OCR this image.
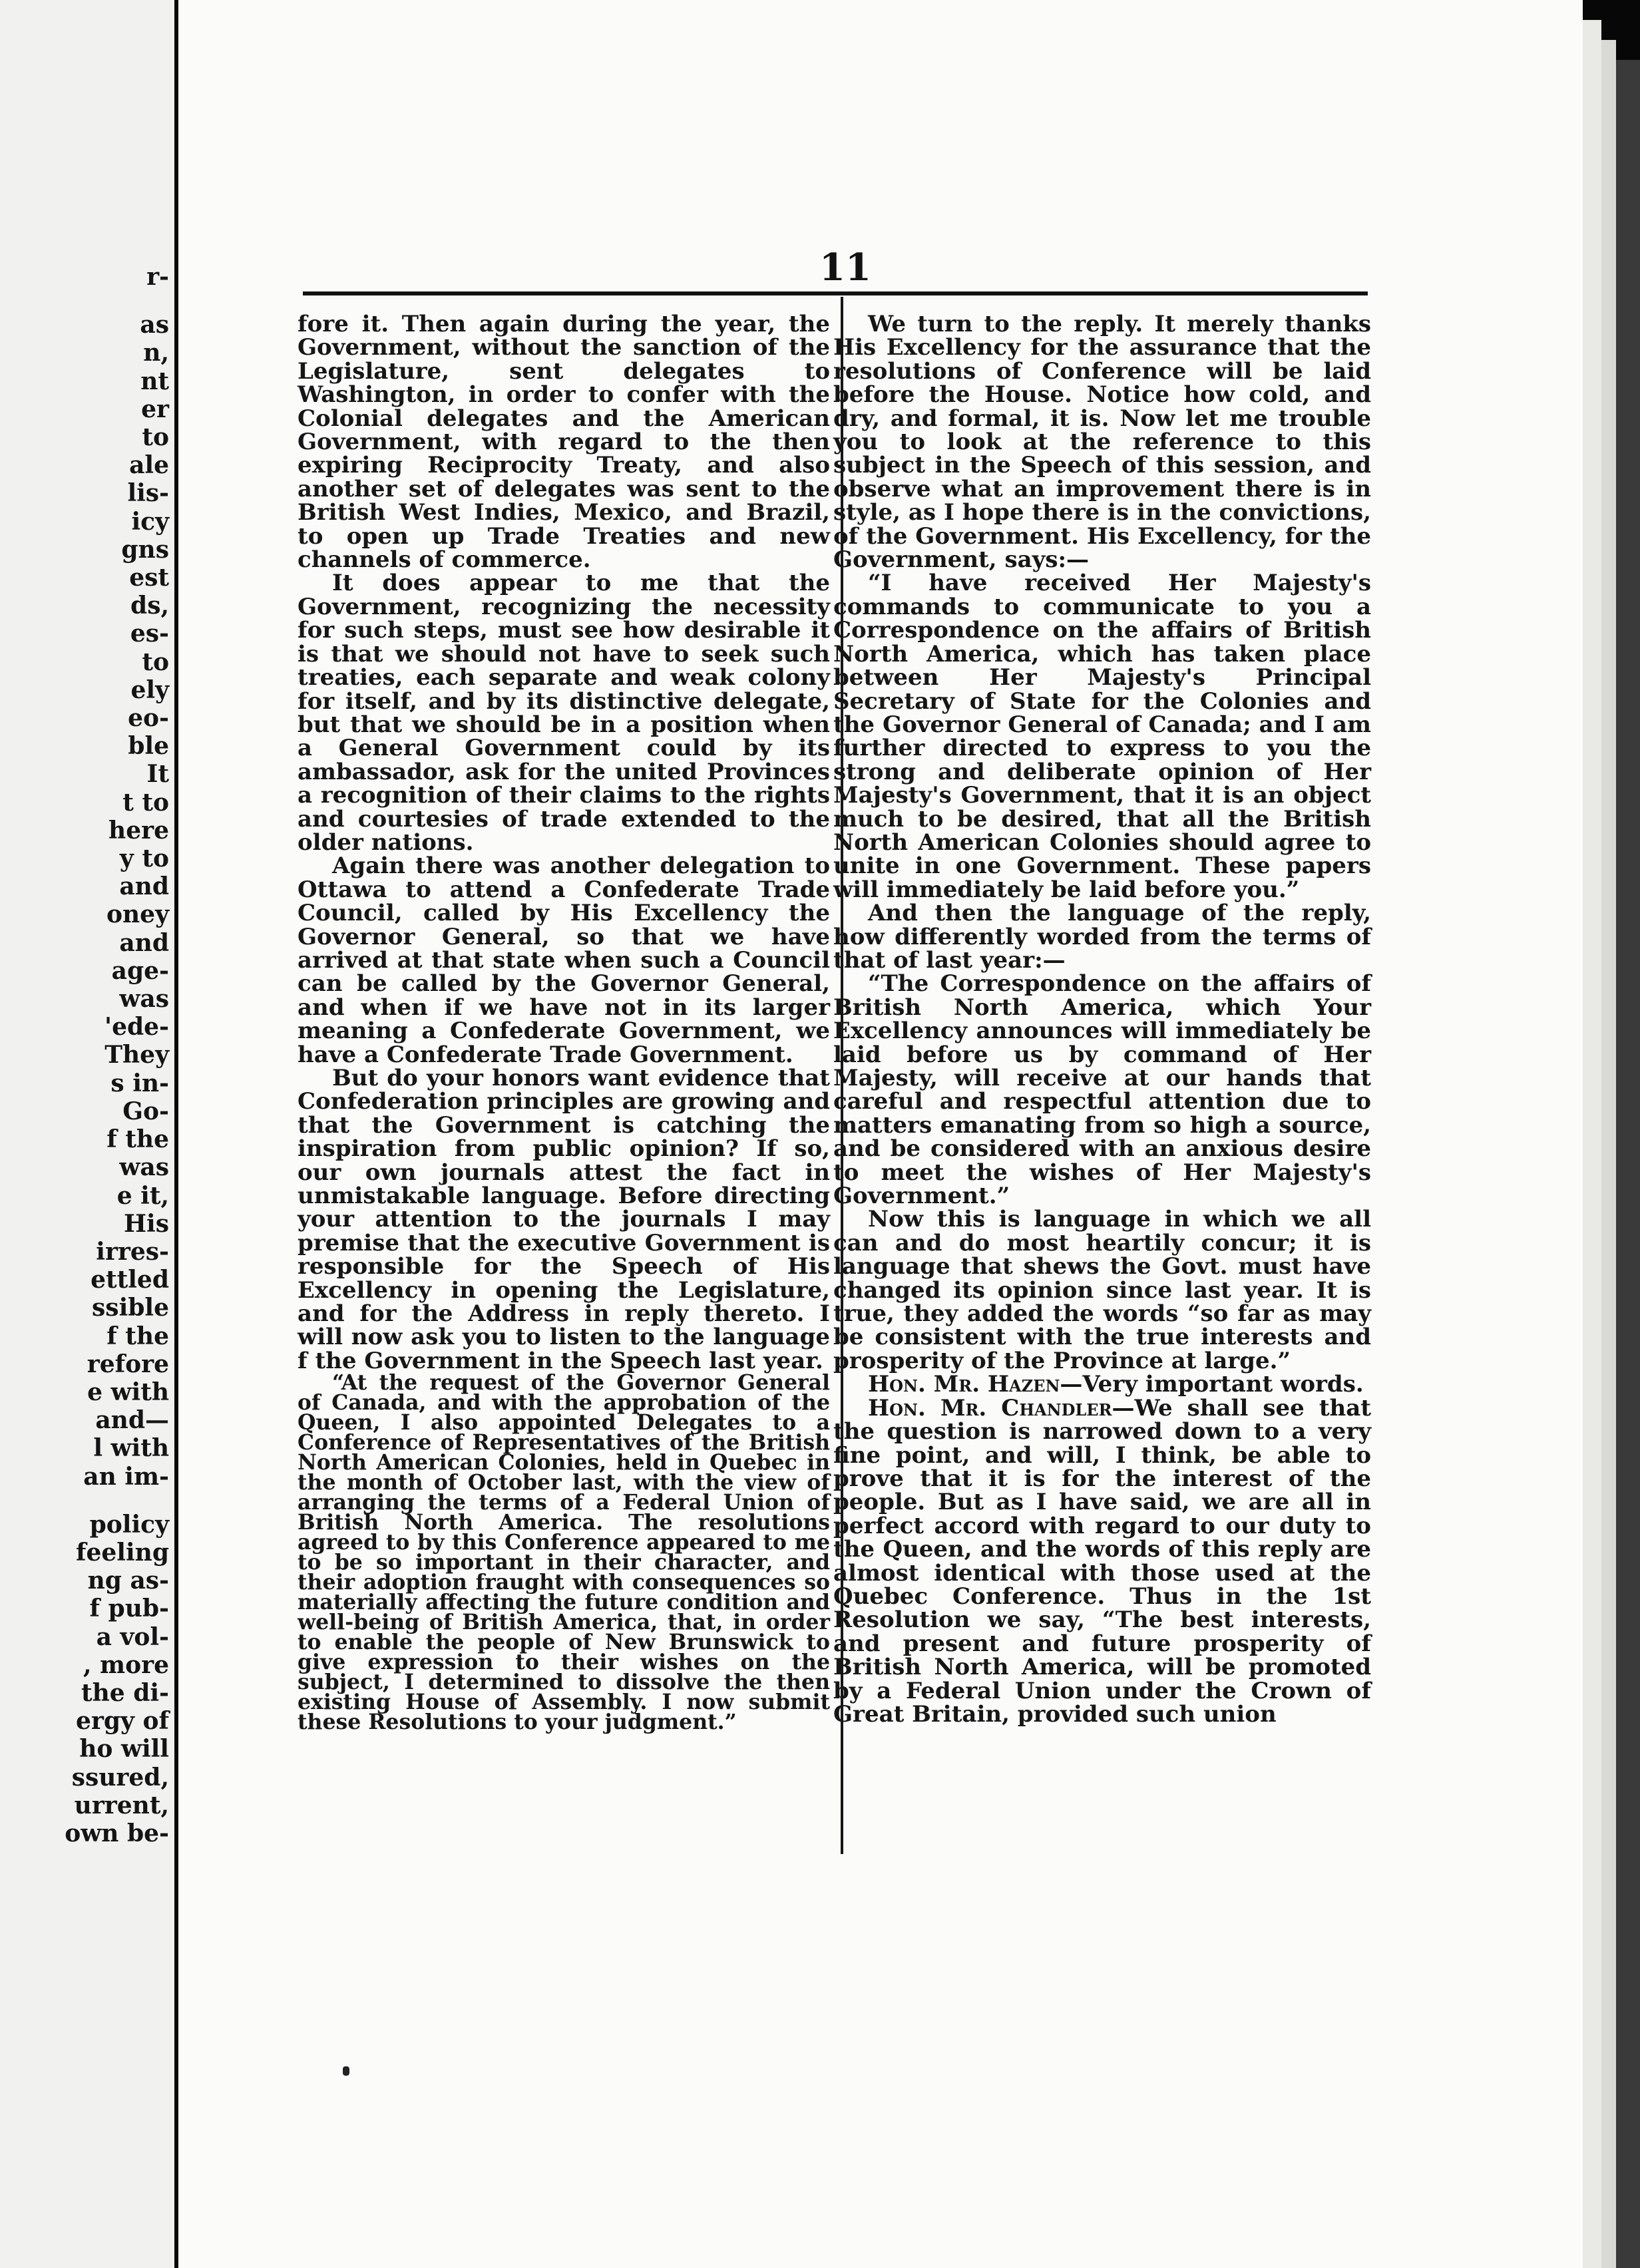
r-
as
n,
nt
er
to
ale
lis-
icy
gns
est
ds,
es-
to
ely
eo-
ble
It
t to
here
y to
and
oney
and
age-
was
'ede-
They
s in-
Go-
f the
was
e it,
His
irres-
ettled
ssible
f the
refore
e with
and—
l with
an im-
policy
feeling
ng as-
f pub-
a vol-
, more
the di-
ergy of
ho will
ssured,
urrent,
own be-
11

fore it. Then again during the year, the Government, without the sanction of the Legislature, sent delegates to Washington, in order to confer with the Colonial delegates and the American Government, with regard to the then expiring Reciprocity Treaty, and also another set of delegates was sent to the British West Indies, Mexico, and Brazil, to open up Trade Treaties and new channels of commerce.

It does appear to me that the Government, recognizing the necessity for such steps, must see how desirable it is that we should not have to seek such treaties, each separate and weak colony for itself, and by its distinctive delegate, but that we should be in a position when a General Government could by its ambassador, ask for the united Provinces a recognition of their claims to the rights and courtesies of trade extended to the older nations.

Again there was another delegation to Ottawa to attend a Confederate Trade Council, called by His Excellency the Governor General, so that we have arrived at that state when such a Council can be called by the Governor General, and when if we have not in its larger meaning a Confederate Government, we have a Confederate Trade Government.

But do your honors want evidence that Confederation principles are growing and that the Government is catching the inspiration from public opinion? If so, our own journals attest the fact in unmistakable language. Before directing your attention to the journals I may premise that the executive Government is responsible for the Speech of His Excellency in opening the Legislature, and for the Address in reply thereto. I will now ask you to listen to the language f the Government in the Speech last year.

“At the request of the Governor General of Canada, and with the approbation of the Queen, I also appointed Delegates to a Conference of Representatives of the British North American Colonies, held in Quebec in the month of October last, with the view of arranging the terms of a Federal Union of British North America. The resolutions agreed to by this Conference appeared to me to be so important in their character, and their adoption fraught with consequences so materially affecting the future condition and well-being of British America, that, in order to enable the people of New Brunswick to give expression to their wishes on the subject, I determined to dissolve the then existing House of Assembly. I now submit these Resolutions to your judgment.”

We turn to the reply. It merely thanks His Excellency for the assurance that the resolutions of Conference will be laid before the House. Notice how cold, and dry, and formal, it is. Now let me trouble you to look at the reference to this subject in the Speech of this session, and observe what an improvement there is in style, as I hope there is in the convictions, of the Government. His Excellency, for the Government, says:—

“I have received Her Majesty's commands to communicate to you a Correspondence on the affairs of British North America, which has taken place between Her Majesty's Principal Secretary of State for the Colonies and the Governor General of Canada; and I am further directed to express to you the strong and deliberate opinion of Her Majesty's Government, that it is an object much to be desired, that all the British North American Colonies should agree to unite in one Government. These papers will immediately be laid before you.”

And then the language of the reply, how differently worded from the terms of that of last year:—

“The Correspondence on the affairs of British North America, which Your Excellency announces will immediately be laid before us by command of Her Majesty, will receive at our hands that careful and respectful attention due to matters emanating from so high a source, and be considered with an anxious desire to meet the wishes of Her Majesty's Government.”

Now this is language in which we all can and do most heartily concur; it is language that shews the Govt. must have changed its opinion since last year. It is true, they added the words “so far as may be consistent with the true interests and prosperity of the Province at large.”

Hon. Mr. Hazen—Very important words.

Hon. Mr. Chandler—We shall see that the question is narrowed down to a very fine point, and will, I think, be able to prove that it is for the interest of the people. But as I have said, we are all in perfect accord with regard to our duty to the Queen, and the words of this reply are almost identical with those used at the Quebec Conference. Thus in the 1st Resolution we say, “The best interests, and present and future prosperity of British North America, will be promoted by a Federal Union under the Crown of Great Britain, provided such union
